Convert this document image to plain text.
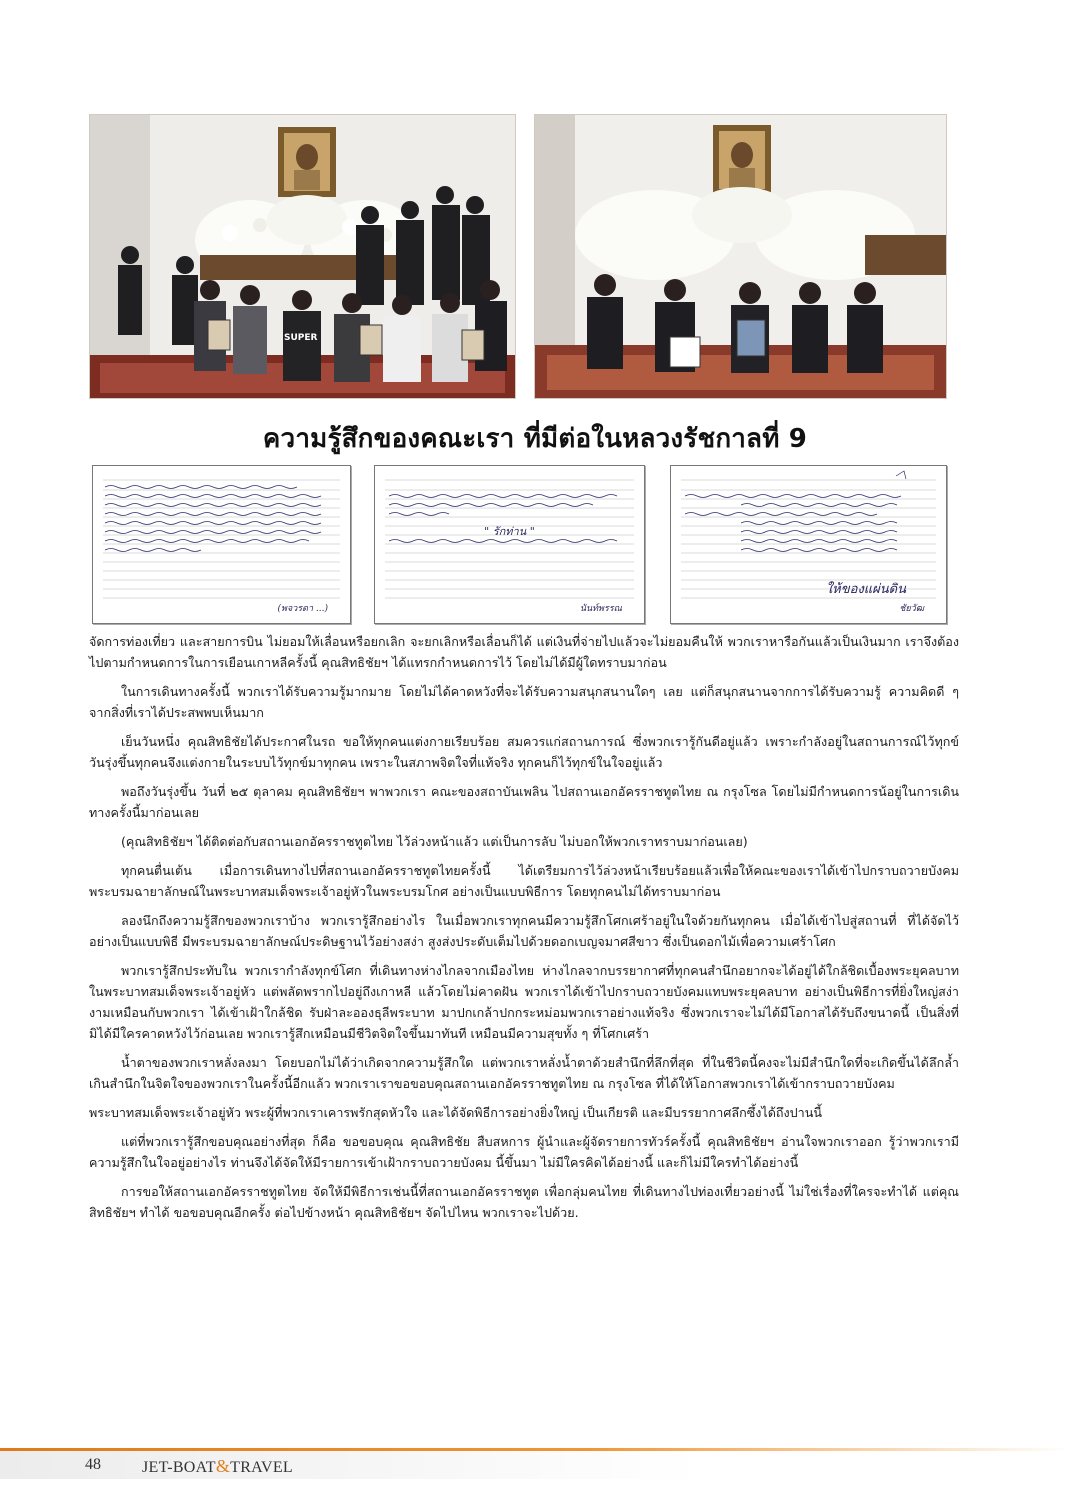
SUPER
ความรู้สึกของคณะเรา ที่มีต่อในหลวงรัชกาลที่ 9
(พจวรดา ...)
" รักท่าน "
นันท์พรรณ
ให้ของแผ่นดิน
ชัยวัฒ

จัดการท่องเที่ยว และสายการบิน ไม่ยอมให้เลื่อนหรือยกเลิก จะยกเลิกหรือเลื่อนก็ได้ แต่เงินที่จ่ายไปแล้วจะไม่ยอมคืนให้ พวกเราหารือกันแล้วเป็นเงินมาก เราจึงต้องไปตามกำหนดการในการเยือนเกาหลีครั้งนี้ คุณสิทธิชัยฯ ได้แทรกกำหนดการไว้ โดยไม่ได้มีผู้ใดทราบมาก่อน

ในการเดินทางครั้งนี้ พวกเราได้รับความรู้มากมาย โดยไม่ได้คาดหวังที่จะได้รับความสนุกสนานใดๆ เลย แต่ก็สนุกสนานจากการได้รับความรู้ ความคิดดี ๆ จากสิ่งที่เราได้ประสพพบเห็นมาก

เย็นวันหนึ่ง คุณสิทธิชัยได้ประกาศในรถ ขอให้ทุกคนแต่งกายเรียบร้อย สมควรแก่สถานการณ์ ซึ่งพวกเรารู้กันดีอยู่แล้ว เพราะกำลังอยู่ในสถานการณ์ไว้ทุกข์ วันรุ่งขึ้นทุกคนจึงแต่งกายในระบบไว้ทุกข์มาทุกคน เพราะในสภาพจิตใจที่แท้จริง ทุกคนก็ไว้ทุกข์ในใจอยู่แล้ว

พอถึงวันรุ่งขึ้น วันที่ ๒๕ ตุลาคม คุณสิทธิชัยฯ พาพวกเรา คณะของสถาบันเพลิน ไปสถานเอกอัครราชทูตไทย ณ กรุงโซล โดยไม่มีกำหนดการน้อยู่ในการเดินทางครั้งนี้มาก่อนเลย

(คุณสิทธิชัยฯ ได้ติดต่อกับสถานเอกอัครราชทูตไทย ไว้ล่วงหน้าแล้ว แต่เป็นการลับ ไม่บอกให้พวกเราทราบมาก่อนเลย)

ทุกคนตื่นเต้น เมื่อการเดินทางไปที่สถานเอกอัครราชทูตไทยครั้งนี้ ได้เตรียมการไว้ล่วงหน้าเรียบร้อยแล้วเพื่อให้คณะของเราได้เข้าไปกราบถวายบังคม พระบรมฉายาลักษณ์ในพระบาทสมเด็จพระเจ้าอยู่หัวในพระบรมโกศ อย่างเป็นแบบพิธีการ โดยทุกคนไม่ได้ทราบมาก่อน

ลองนึกถึงความรู้สึกของพวกเราบ้าง พวกเรารู้สึกอย่างไร ในเมื่อพวกเราทุกคนมีความรู้สึกโศกเศร้าอยู่ในใจด้วยกันทุกคน เมื่อได้เข้าไปสู่สถานที่ ที่ได้จัดไว้อย่างเป็นแบบพิธี มีพระบรมฉายาลักษณ์ประดิษฐานไว้อย่างสง่า สูงส่งประดับเต็มไปด้วยดอกเบญจมาศสีขาว ซึ่งเป็นดอกไม้เพื่อความเศร้าโศก

พวกเรารู้สึกประทับใน พวกเรากำลังทุกข์โศก ที่เดินทางห่างไกลจากเมืองไทย ห่างไกลจากบรรยากาศที่ทุกคนสำนึกอยากจะได้อยู่ได้ใกล้ชิดเบื้องพระยุคลบาทในพระบาทสมเด็จพระเจ้าอยู่หัว แต่พลัดพรากไปอยู่ถึงเกาหลี แล้วโดยไม่คาดฝัน พวกเราได้เข้าไปกราบถวายบังคมแทบพระยุคลบาท อย่างเป็นพิธีการที่ยิ่งใหญ่สง่างามเหมือนกับพวกเรา ได้เข้าเฝ้าใกล้ชิด รับฝ่าละอองธุลีพระบาท มาปกเกล้าปกกระหม่อมพวกเราอย่างแท้จริง ซึ่งพวกเราจะไม่ได้มีโอกาสได้รับถึงขนาดนี้ เป็นสิ่งที่มิได้มีใครคาดหวังไว้ก่อนเลย พวกเรารู้สึกเหมือนมีชีวิตจิตใจขึ้นมาทันที เหมือนมีความสุขทั้ง ๆ ที่โศกเศร้า

น้ำตาของพวกเราหลั่งลงมา โดยบอกไม่ได้ว่าเกิดจากความรู้สึกใด แต่พวกเราหลั่งน้ำตาด้วยสำนึกที่ลึกที่สุด ที่ในชีวิตนี้คงจะไม่มีสำนึกใดที่จะเกิดขึ้นได้ลึกล้ำ เกินสำนึกในจิตใจของพวกเราในครั้งนี้อีกแล้ว พวกเราเราขอขอบคุณสถานเอกอัครราชทูตไทย ณ กรุงโซล ที่ได้ให้โอกาสพวกเราได้เข้ากราบถวายบังคม

พระบาทสมเด็จพระเจ้าอยู่หัว พระผู้ที่พวกเราเคารพรักสุดหัวใจ และได้จัดพิธีการอย่างยิ่งใหญ่ เป็นเกียรติ และมีบรรยากาศลึกซึ้งได้ถึงปานนี้

แต่ที่พวกเรารู้สึกขอบคุณอย่างที่สุด ก็คือ ขอขอบคุณ คุณสิทธิชัย สืบสหการ ผู้นำและผู้จัดรายการทัวร์ครั้งนี้ คุณสิทธิชัยฯ อ่านใจพวกเราออก รู้ว่าพวกเรามีความรู้สึกในใจอยู่อย่างไร ท่านจึงได้จัดให้มีรายการเข้าเฝ้ากราบถวายบังคม นี้ขึ้นมา ไม่มีใครคิดได้อย่างนี้ และก็ไม่มีใครทำได้อย่างนี้

การขอให้สถานเอกอัครราชทูตไทย จัดให้มีพิธีการเช่นนี้ที่สถานเอกอัครราชทูต เพื่อกลุ่มคนไทย ที่เดินทางไปท่องเที่ยวอย่างนี้ ไม่ใช่เรื่องที่ใครจะทำได้ แต่คุณสิทธิชัยฯ ทำได้ ขอขอบคุณอีกครั้ง ต่อไปข้างหน้า คุณสิทธิชัยฯ จัดไปไหน พวกเราจะไปด้วย.

48	JET-BOAT&TRAVEL
